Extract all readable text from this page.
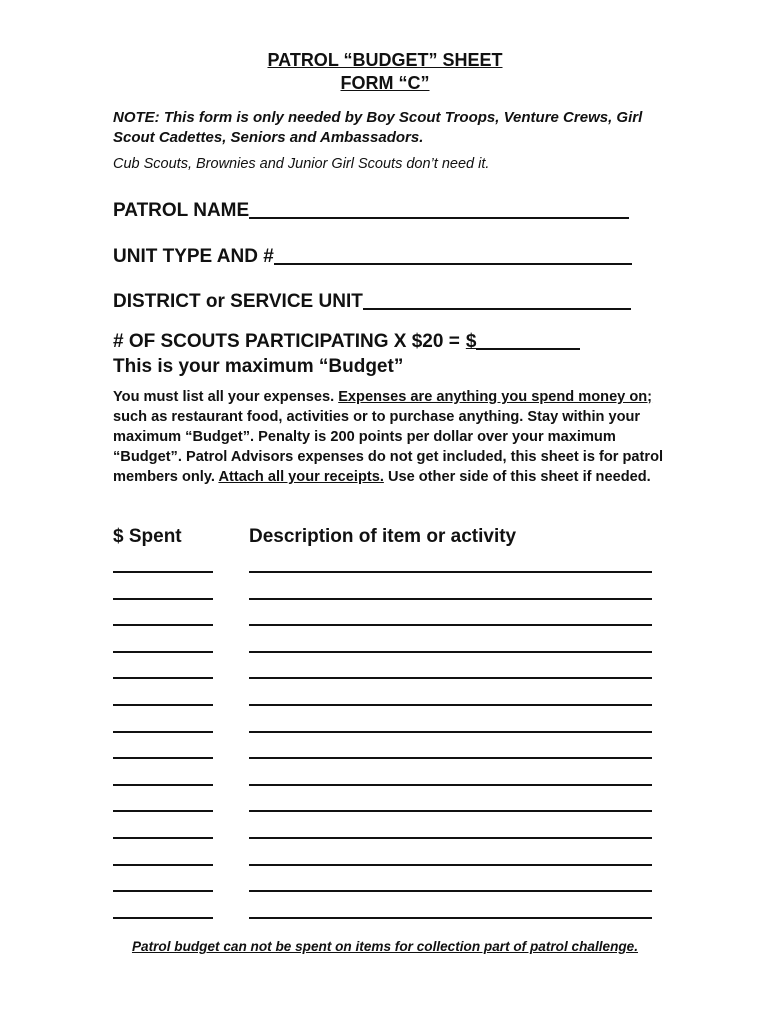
PATROL “BUDGET” SHEET
FORM “C”
NOTE: This form is only needed by Boy Scout Troops, Venture Crews, Girl Scout Cadettes, Seniors and Ambassadors.
Cub Scouts, Brownies and Junior Girl Scouts don’t need it.
PATROL NAME
UNIT TYPE AND #
DISTRICT or SERVICE UNIT
# OF SCOUTS PARTICIPATING X $20 = $
This is your maximum “Budget”
You must list all your expenses. Expenses are anything you spend money on; such as restaurant food, activities or to purchase anything. Stay within your maximum “Budget”. Penalty is 200 points per dollar over your maximum “Budget”. Patrol Advisors expenses do not get included, this sheet is for patrol members only. Attach all your receipts. Use other side of this sheet if needed.
$ Spent	Description of item or activity
Patrol budget can not be spent on items for collection part of patrol challenge.
